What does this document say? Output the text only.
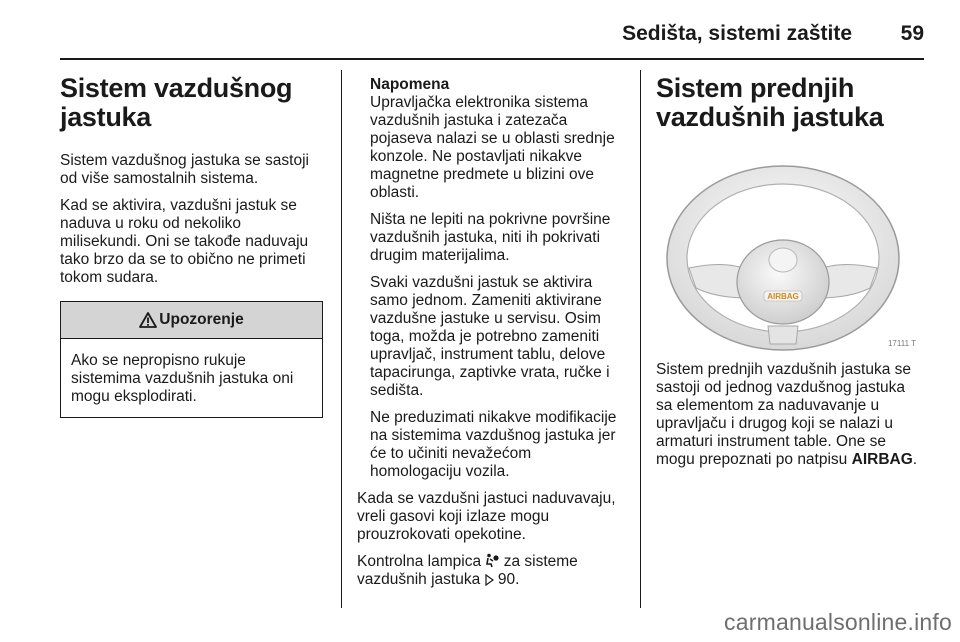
Sedišta, sistemi zaštite 59
Sistem vazdušnog jastuka

Sistem vazdušnog jastuka se sastoji od više samostalnih sistema.

Kad se aktivira, vazdušni jastuk se naduva u roku od nekoliko milisekundi. Oni se takođe naduvaju tako brzo da se to obično ne primeti tokom sudara.

Upozorenje
Ako se nepropisno rukuje sistemima vazdušnih jastuka oni mogu eksplodirati.
Napomena

Upravljačka elektronika sistema vazdušnih jastuka i zatezača pojaseva nalazi se u oblasti srednje konzole. Ne postavljati nikakve magnetne predmete u blizini ove oblasti.

Ništa ne lepiti na pokrivne površine vazdušnih jastuka, niti ih pokrivati drugim materijalima.

Svaki vazdušni jastuk se aktivira samo jednom. Zameniti aktivirane vazdušne jastuke u servisu. Osim toga, možda je potrebno zameniti upravljač, instrument tablu, delove tapacirunga, zaptivke vrata, ručke i sedišta.

Ne preduzimati nikakve modifikacije na sistemima vazdušnog jastuka jer će to učiniti nevažećom homologaciju vozila.

Kada se vazdušni jastuci naduvavaju, vreli gasovi koji izlaze mogu prouzrokovati opekotine.

Kontrolna lampica  za sisteme vazdušnih jastuka  90.

Sistem prednjih vazdušnih jastuka
AIRBAG
17111 T

Sistem prednjih vazdušnih jastuka se sastoji od jednog vazdušnog jastuka sa elementom za naduvavanje u upravljaču i drugog koji se nalazi u armaturi instrument table. One se mogu prepoznati po natpisu AIRBAG.

carmanualsonline.info
